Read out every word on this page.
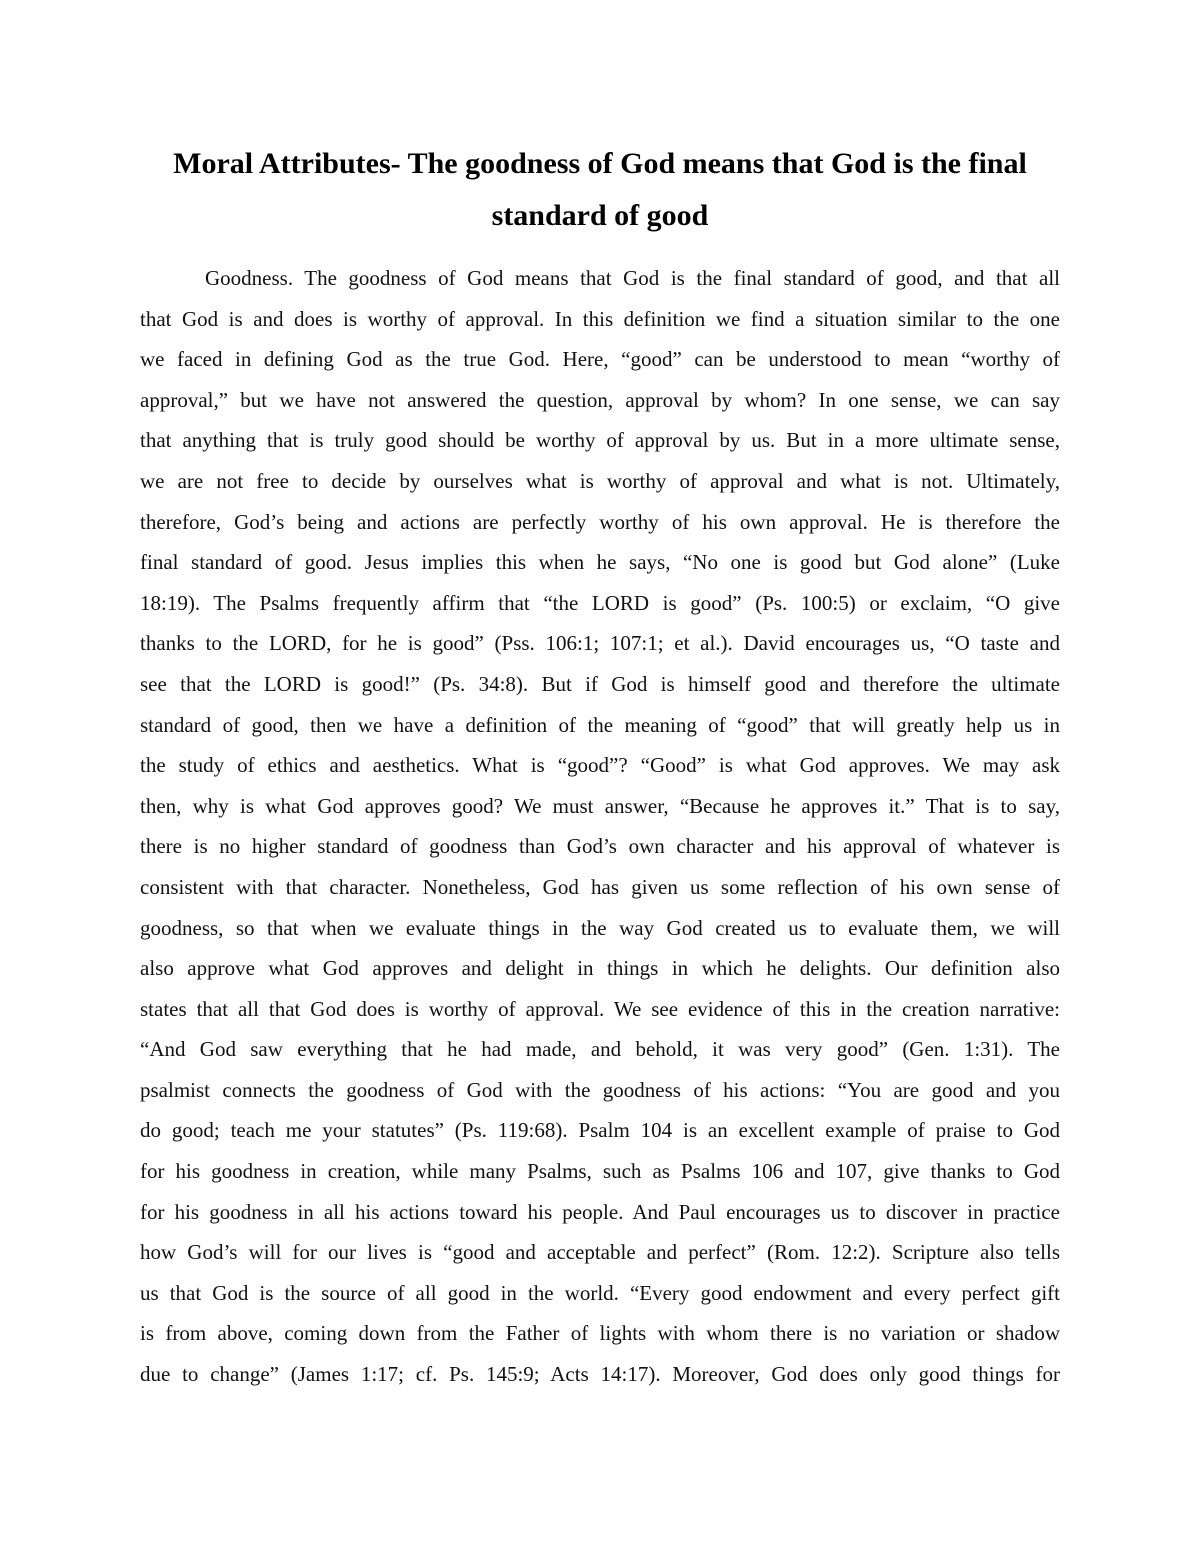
Moral Attributes- The goodness of God means that God is the final
standard of good
Goodness. The goodness of God means that God is the final standard of good, and that all
that God is and does is worthy of approval. In this definition we find a situation similar to the one
we faced in defining God as the true God. Here, “good” can be understood to mean “worthy of
approval,” but we have not answered the question, approval by whom? In one sense, we can say
that anything that is truly good should be worthy of approval by us. But in a more ultimate sense,
we are not free to decide by ourselves what is worthy of approval and what is not. Ultimately,
therefore, God’s being and actions are perfectly worthy of his own approval. He is therefore the
final standard of good. Jesus implies this when he says, “No one is good but God alone” (Luke
18:19). The Psalms frequently affirm that “the LORD is good” (Ps. 100:5) or exclaim, “O give
thanks to the LORD, for he is good” (Pss. 106:1; 107:1; et al.). David encourages us, “O taste and
see that the LORD is good!” (Ps. 34:8). But if God is himself good and therefore the ultimate
standard of good, then we have a definition of the meaning of “good” that will greatly help us in
the study of ethics and aesthetics. What is “good”? “Good” is what God approves. We may ask
then, why is what God approves good? We must answer, “Because he approves it.” That is to say,
there is no higher standard of goodness than God’s own character and his approval of whatever is
consistent with that character. Nonetheless, God has given us some reflection of his own sense of
goodness, so that when we evaluate things in the way God created us to evaluate them, we will
also approve what God approves and delight in things in which he delights. Our definition also
states that all that God does is worthy of approval. We see evidence of this in the creation narrative:
“And God saw everything that he had made, and behold, it was very good” (Gen. 1:31). The
psalmist connects the goodness of God with the goodness of his actions: “You are good and you
do good; teach me your statutes” (Ps. 119:68). Psalm 104 is an excellent example of praise to God
for his goodness in creation, while many Psalms, such as Psalms 106 and 107, give thanks to God
for his goodness in all his actions toward his people. And Paul encourages us to discover in practice
how God’s will for our lives is “good and acceptable and perfect” (Rom. 12:2). Scripture also tells
us that God is the source of all good in the world. “Every good endowment and every perfect gift
is from above, coming down from the Father of lights with whom there is no variation or shadow
due to change” (James 1:17; cf. Ps. 145:9; Acts 14:17). Moreover, God does only good things for
